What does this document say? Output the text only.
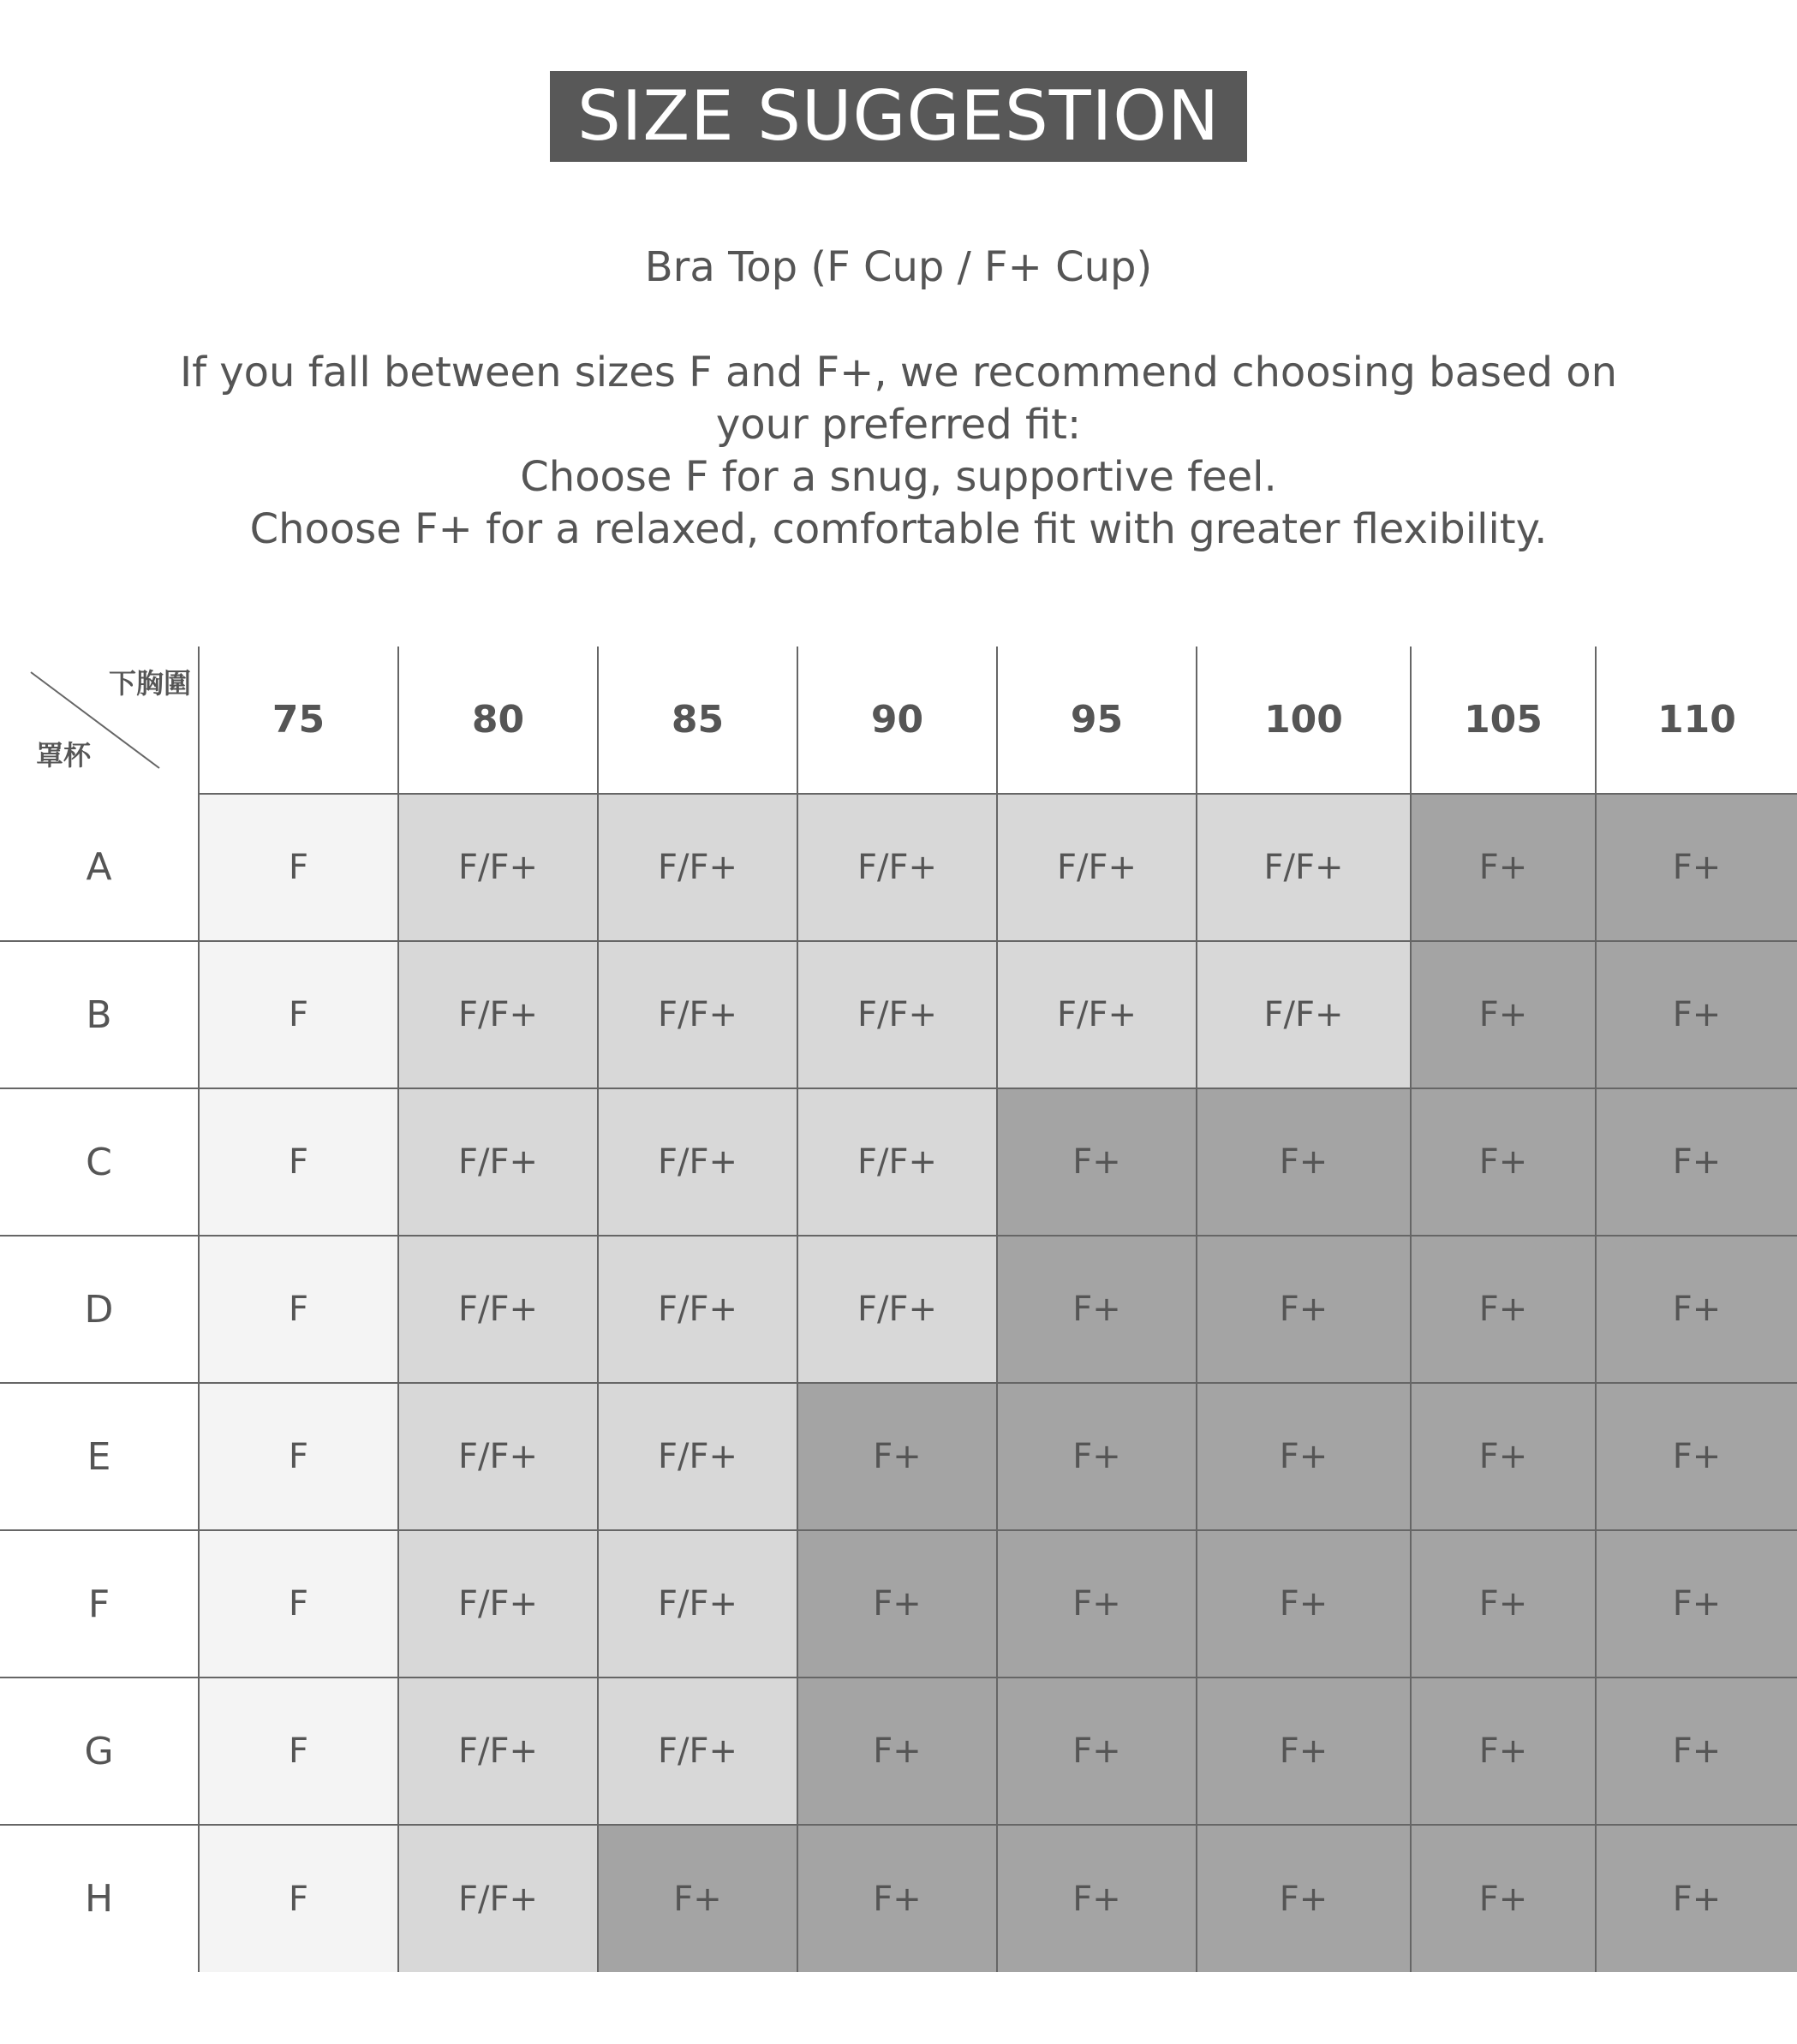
SIZE SUGGESTION
Bra Top (F Cup / F+ Cup)
If you fall between sizes F and F+, we recommend choosing based on
your preferred fit:
Choose F for a snug, supportive feel.
Choose F+ for a relaxed, comfortable fit with greater flexibility.
下胸圍
罩杯	75	80	85	90	95	100	105	110
A	F	F/F+	F/F+	F/F+	F/F+	F/F+	F+	F+
B	F	F/F+	F/F+	F/F+	F/F+	F/F+	F+	F+
C	F	F/F+	F/F+	F/F+	F+	F+	F+	F+
D	F	F/F+	F/F+	F/F+	F+	F+	F+	F+
E	F	F/F+	F/F+	F+	F+	F+	F+	F+
F	F	F/F+	F/F+	F+	F+	F+	F+	F+
G	F	F/F+	F/F+	F+	F+	F+	F+	F+
H	F	F/F+	F+	F+	F+	F+	F+	F+
